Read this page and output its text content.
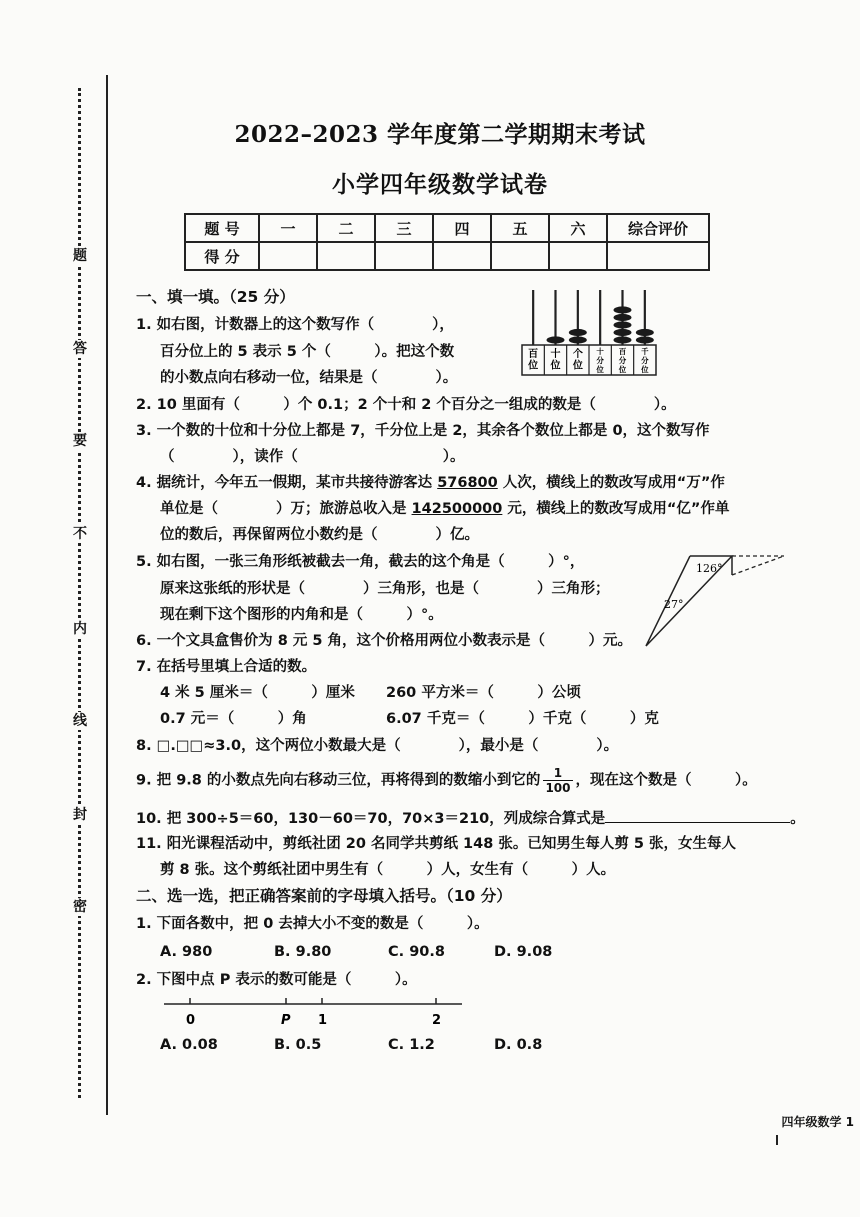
题
答
要
不
内
线
封
密
2022–2023 学年度第二学期期末考试
小学四年级数学试卷
题 号	一	二	三	四	五	六	综合评价
得 分							
一、填一填。（25 分）
1. 如右图，计数器上的这个数写作（　　　　），
百分位上的 5 表示 5 个（　　　）。把这个数
的小数点向右移动一位，结果是（　　　　）。
百位
十位
个位
十分位
百分位
千分位
2. 10 里面有（　　　）个 0.1；2 个十和 2 个百分之一组成的数是（　　　　）。
3. 一个数的十位和十分位上都是 7，千分位上是 2，其余各个数位上都是 0，这个数写作
（　　　　），读作（　　　　　　　　　　）。
4. 据统计，今年五一假期，某市共接待游客达 576800 人次，横线上的数改写成用“万”作
单位是（　　　　）万；旅游总收入是 142500000 元，横线上的数改写成用“亿”作单
位的数后，再保留两位小数约是（　　　　）亿。
5. 如右图，一张三角形纸被截去一角，截去的这个角是（　　　）°，
原来这张纸的形状是（　　　　）三角形，也是（　　　　）三角形；
现在剩下这个图形的内角和是（　　　）°。
126°
27°
6. 一个文具盒售价为 8 元 5 角，这个价格用两位小数表示是（　　　）元。
7. 在括号里填上合适的数。
4 米 5 厘米＝（　　　）厘米 260 平方米＝（　　　）公顷
0.7 元＝（　　　）角	6.07 千克＝（　　　）千克（　　　）克
8. □.□□≈3.0，这个两位小数最大是（　　　　），最小是（　　　　）。
9. 把 9.8 的小数点先向右移动三位，再将得到的数缩小到它的 $\frac{1}{100}$ ，现在这个数是（　　　）。
10. 把 300÷5＝60，130－60＝70，70×3＝210，列成综合算式是	。
11. 阳光课程活动中，剪纸社团 20 名同学共剪纸 148 张。已知男生每人剪 5 张，女生每人
剪 8 张。这个剪纸社团中男生有（　　　）人，女生有（　　　）人。
二、选一选，把正确答案前的字母填入括号。（10 分）
1. 下面各数中，把 0 去掉大小不变的数是（　　　）。
A. 980	B. 9.80	C. 90.8	D. 9.08
2. 下图中点 P 表示的数可能是（　　　）。
0	P 1	2
A. 0.08	B. 0.5	C. 1.2	D. 0.8
四年级数学 1
